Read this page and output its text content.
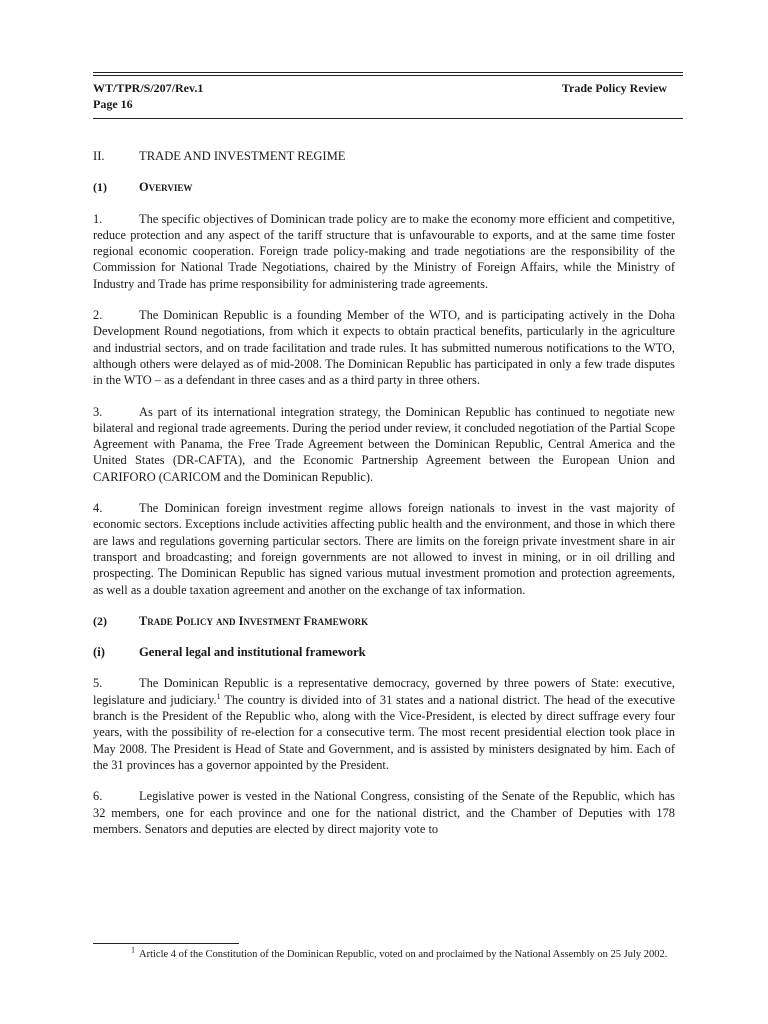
WT/TPR/S/207/Rev.1
Page 16
Trade Policy Review
II.	TRADE AND INVESTMENT REGIME
(1)	Overview

1.	The specific objectives of Dominican trade policy are to make the economy more efficient and competitive, reduce protection and any aspect of the tariff structure that is unfavourable to exports, and at the same time foster regional economic cooperation. Foreign trade policy-making and trade negotiations are the responsibility of the Commission for National Trade Negotiations, chaired by the Ministry of Foreign Affairs, while the Ministry of Industry and Trade has prime responsibility for administering trade agreements.

2.	The Dominican Republic is a founding Member of the WTO, and is participating actively in the Doha Development Round negotiations, from which it expects to obtain practical benefits, particularly in the agriculture and industrial sectors, and on trade facilitation and trade rules. It has submitted numerous notifications to the WTO, although others were delayed as of mid-2008. The Dominican Republic has participated in only a few trade disputes in the WTO – as a defendant in three cases and as a third party in three others.

3.	As part of its international integration strategy, the Dominican Republic has continued to negotiate new bilateral and regional trade agreements. During the period under review, it concluded negotiation of the Partial Scope Agreement with Panama, the Free Trade Agreement between the Dominican Republic, Central America and the United States (DR-CAFTA), and the Economic Partnership Agreement between the European Union and CARIFORO (CARICOM and the Dominican Republic).

4.	The Dominican foreign investment regime allows foreign nationals to invest in the vast majority of economic sectors. Exceptions include activities affecting public health and the environment, and those in which there are laws and regulations governing particular sectors. There are limits on the foreign private investment share in air transport and broadcasting; and foreign governments are not allowed to invest in mining, or in oil drilling and prospecting. The Dominican Republic has signed various mutual investment promotion and protection agreements, as well as a double taxation agreement and another on the exchange of tax information.

(2)	Trade Policy and Investment Framework
(i)	General legal and institutional framework

5.	The Dominican Republic is a representative democracy, governed by three powers of State: executive, legislature and judiciary.$^1$ The country is divided into of 31 states and a national district. The head of the executive branch is the President of the Republic who, along with the Vice-President, is elected by direct suffrage every four years, with the possibility of re-election for a consecutive term. The most recent presidential election took place in May 2008. The President is Head of State and Government, and is assisted by ministers designated by him. Each of the 31 provinces has a governor appointed by the President.

6.	Legislative power is vested in the National Congress, consisting of the Senate of the Republic, which has 32 members, one for each province and one for the national district, and the Chamber of Deputies with 178 members. Senators and deputies are elected by direct majority vote to

$^1$ Article 4 of the Constitution of the Dominican Republic, voted on and proclaimed by the National Assembly on 25 July 2002.
